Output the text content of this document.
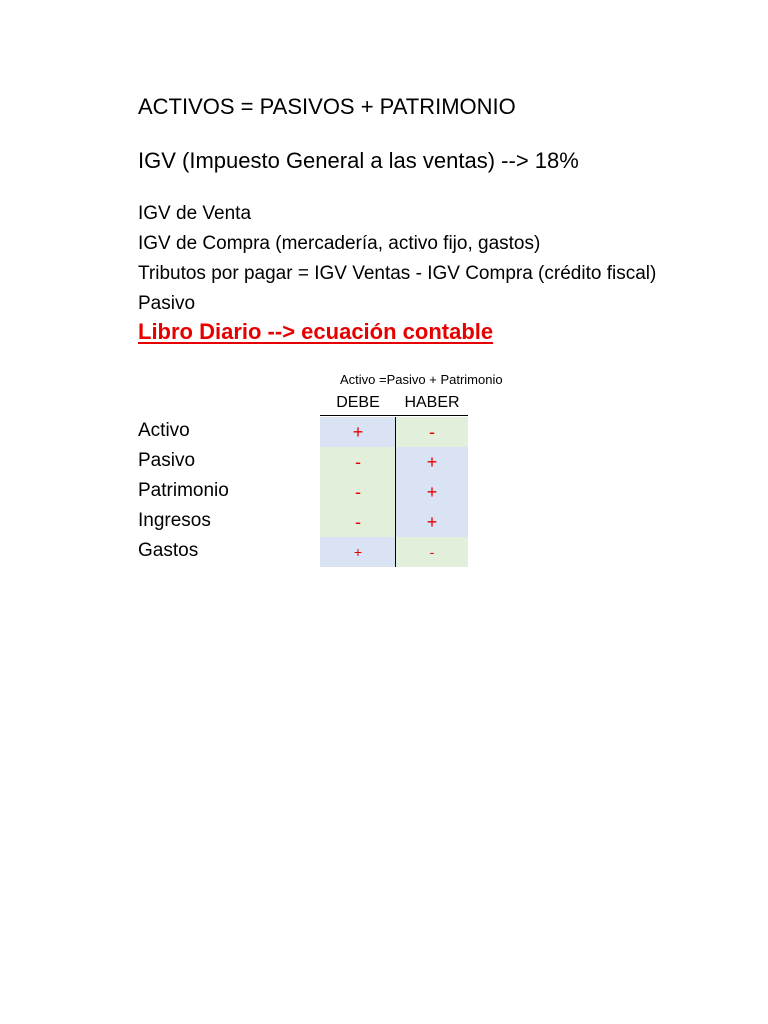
ACTIVOS = PASIVOS + PATRIMONIO
IGV (Impuesto General a las ventas) --> 18%
IGV de Venta
IGV de Compra (mercadería, activo fijo, gastos)
Tributos por pagar = IGV Ventas - IGV Compra (crédito fiscal)
Pasivo
Libro Diario --> ecuación contable
Activo =Pasivo + Patrimonio
DEBE	HABER
Activo	+	-
Pasivo	-	+
Patrimonio	-	+
Ingresos	-	+
Gastos	+	-
